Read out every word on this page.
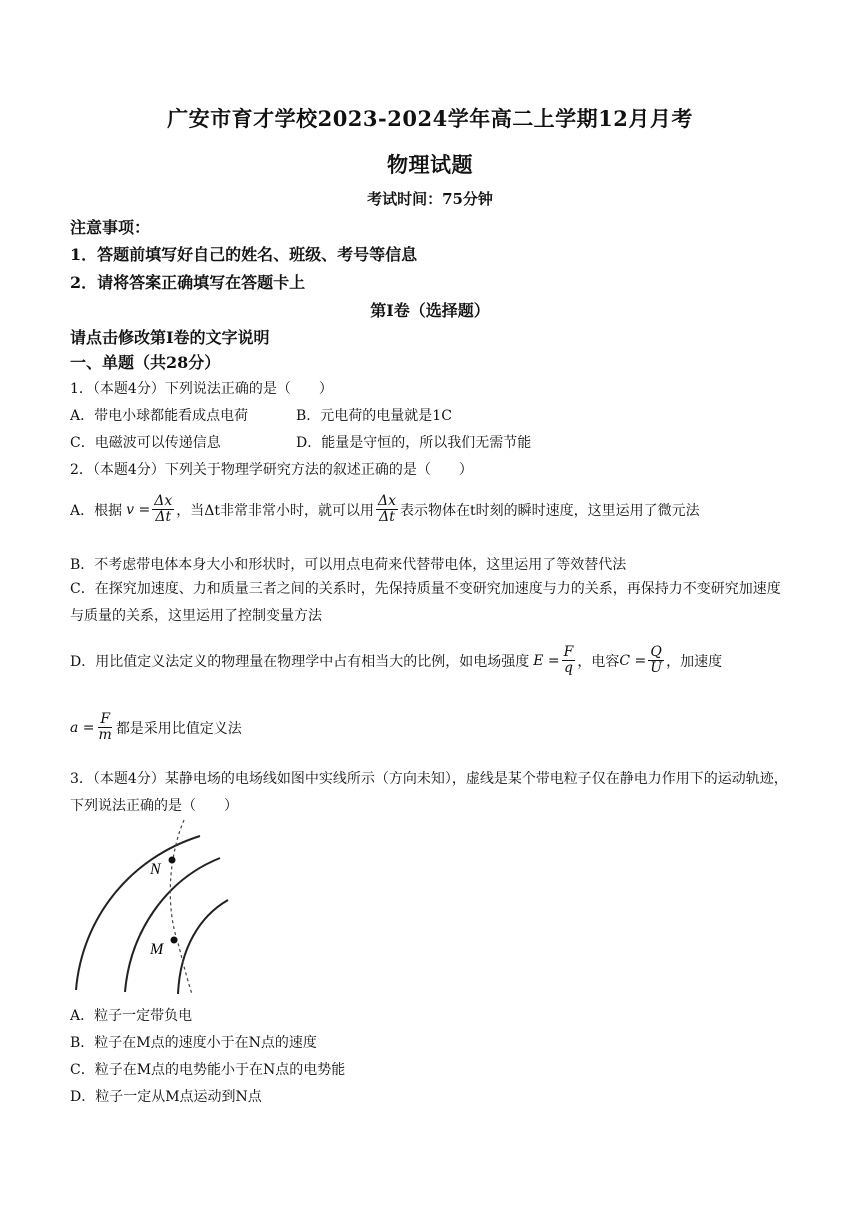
广安市育才学校2023-2024学年高二上学期12月月考
物理试题
考试时间：75分钟
注意事项：
1．答题前填写好自己的姓名、班级、考号等信息
2．请将答案正确填写在答题卡上
第Ⅰ卷（选择题）
请点击修改第Ⅰ卷的文字说明
一、单题（共28分）
1．（本题4分）下列说法正确的是（　　）
A．带电小球都能看成点电荷	B．元电荷的电量就是1C
C．电磁波可以传递信息	D．能量是守恒的，所以我们无需节能
2．（本题4分）下列关于物理学研究方法的叙述正确的是（　　）
A．根据 $v = \frac{\Delta x}{\Delta t}$ ，当Δt非常非常小时，就可以用 $\frac{\Delta x}{\Delta t}$ 表示物体在t时刻的瞬时速度，这里运用了微元法
B．不考虑带电体本身大小和形状时，可以用点电荷来代替带电体，这里运用了等效替代法
C．在探究加速度、力和质量三者之间的关系时，先保持质量不变研究加速度与力的关系，再保持力不变研究加速度与质量的关系，这里运用了控制变量方法
D．用比值定义法定义的物理量在物理学中占有相当大的比例，如电场强度 $E = \frac{F}{q}$ ，电容 $C = \frac{Q}{U}$ ，加速度
$a = \frac{F}{m}$ 都是采用比值定义法
3．（本题4分）某静电场的电场线如图中实线所示（方向未知），虚线是某个带电粒子仅在静电力作用下的运动轨迹，下列说法正确的是（　　）
N
M
A．粒子一定带负电
B．粒子在M点的速度小于在N点的速度
C．粒子在M点的电势能小于在N点的电势能
D．粒子一定从M点运动到N点
